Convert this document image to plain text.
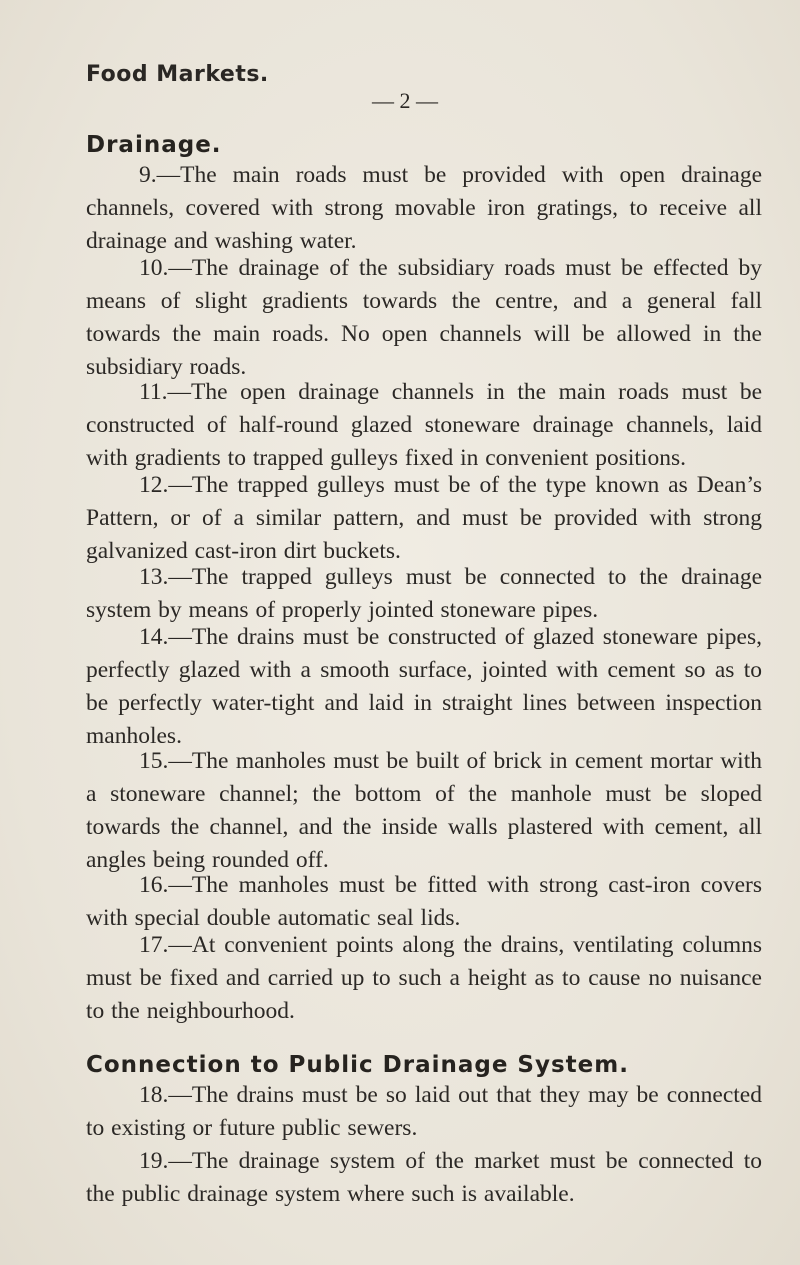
Food Markets.
— 2 —
Drainage.

9.—The main roads must be provided with open drainage channels, covered with strong movable iron gratings, to receive all drainage and washing water.

10.—The drainage of the subsidiary roads must be effected by means of slight gradients towards the centre, and a general fall towards the main roads. No open channels will be allowed in the subsidiary roads.

11.—The open drainage channels in the main roads must be constructed of half-round glazed stoneware drainage channels, laid with gradients to trapped gulleys fixed in convenient positions.

12.—The trapped gulleys must be of the type known as Dean’s Pattern, or of a similar pattern, and must be provided with strong galvanized cast-iron dirt buckets.

13.—The trapped gulleys must be connected to the drainage system by means of properly jointed stoneware pipes.

14.—The drains must be constructed of glazed stoneware pipes, perfectly glazed with a smooth surface, jointed with cement so as to be perfectly water-tight and laid in straight lines between inspection manholes.

15.—The manholes must be built of brick in cement mortar with a stoneware channel; the bottom of the manhole must be sloped towards the channel, and the inside walls plastered with cement, all angles being rounded off.

16.—The manholes must be fitted with strong cast-iron covers with special double automatic seal lids.

17.—At convenient points along the drains, ventilating columns must be fixed and carried up to such a height as to cause no nuisance to the neighbourhood.

Connection to Public Drainage System.

18.—The drains must be so laid out that they may be connected to existing or future public sewers.

19.—The drainage system of the market must be connected to the public drainage system where such is available.
